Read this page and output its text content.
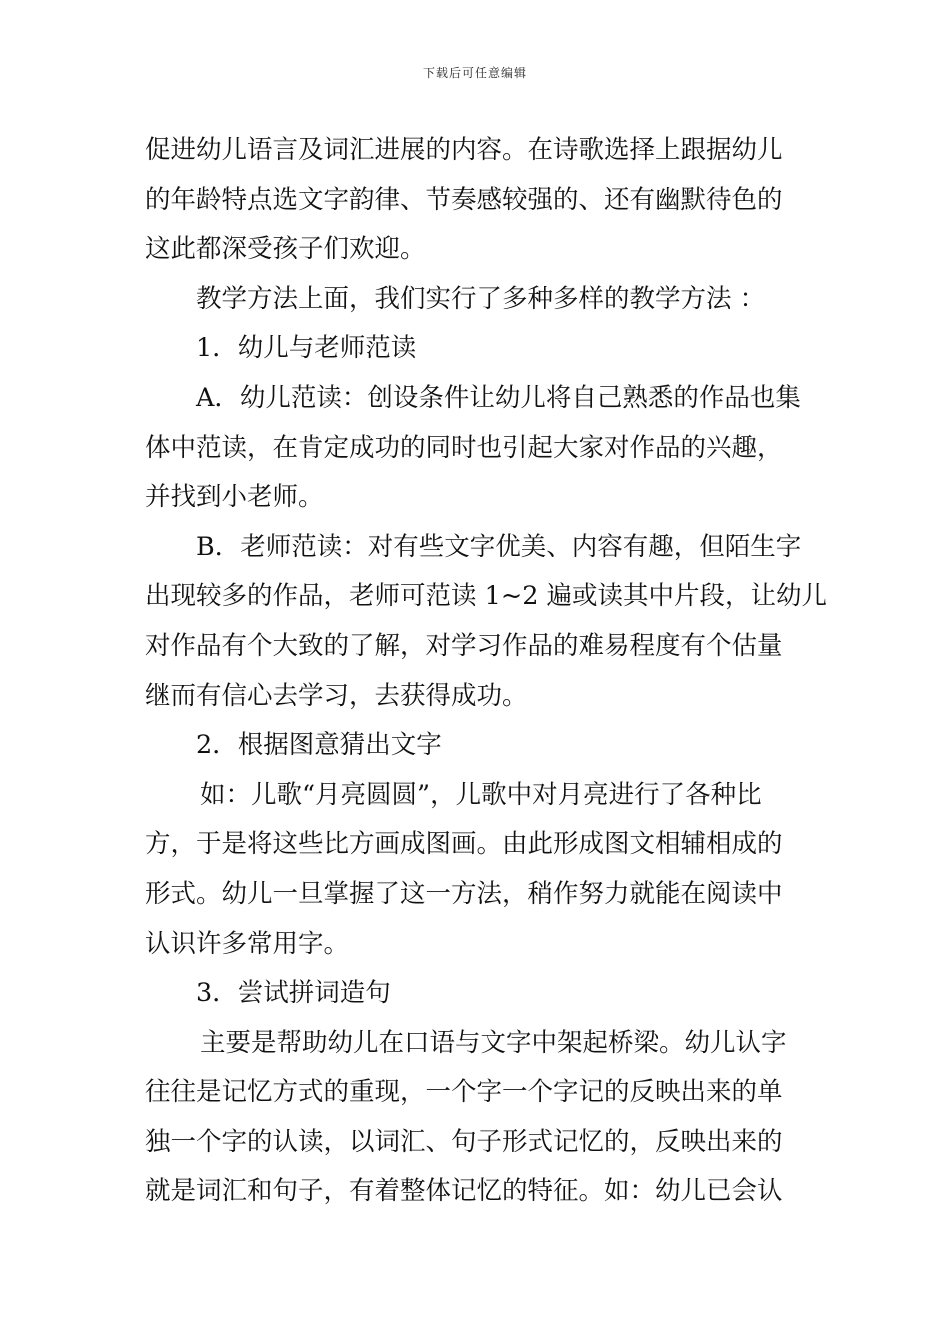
下载后可任意编辑
促进幼儿语言及词汇进展的内容。在诗歌选择上跟据幼儿
的年龄特点选文字韵律、节奏感较强的、还有幽默待色的
这此都深受孩子们欢迎。
教学方法上面，我们实行了多种多样的教学方法 ：
1．幼儿与老师范读
A．幼儿范读：创设条件让幼儿将自己熟悉的作品也集
体中范读，在肯定成功的同时也引起大家对作品的兴趣，
并找到小老师。
B．老师范读：对有些文字优美、内容有趣，但陌生字
出现较多的作品，老师可范读 1~2 遍或读其中片段，让幼儿
对作品有个大致的了解，对学习作品的难易程度有个估量
继而有信心去学习，去获得成功。
2．根据图意猜出文字
如：儿歌“月亮圆圆”，儿歌中对月亮进行了各种比
方，于是将这些比方画成图画。由此形成图文相辅相成的
形式。幼儿一旦掌握了这一方法，稍作努力就能在阅读中
认识许多常用字。
3．尝试拼词造句
主要是帮助幼儿在口语与文字中架起桥梁。幼儿认字
往往是记忆方式的重现，一个字一个字记的反映出来的单
独一个字的认读，以词汇、句子形式记忆的，反映出来的
就是词汇和句子，有着整体记忆的特征。如：幼儿已会认
